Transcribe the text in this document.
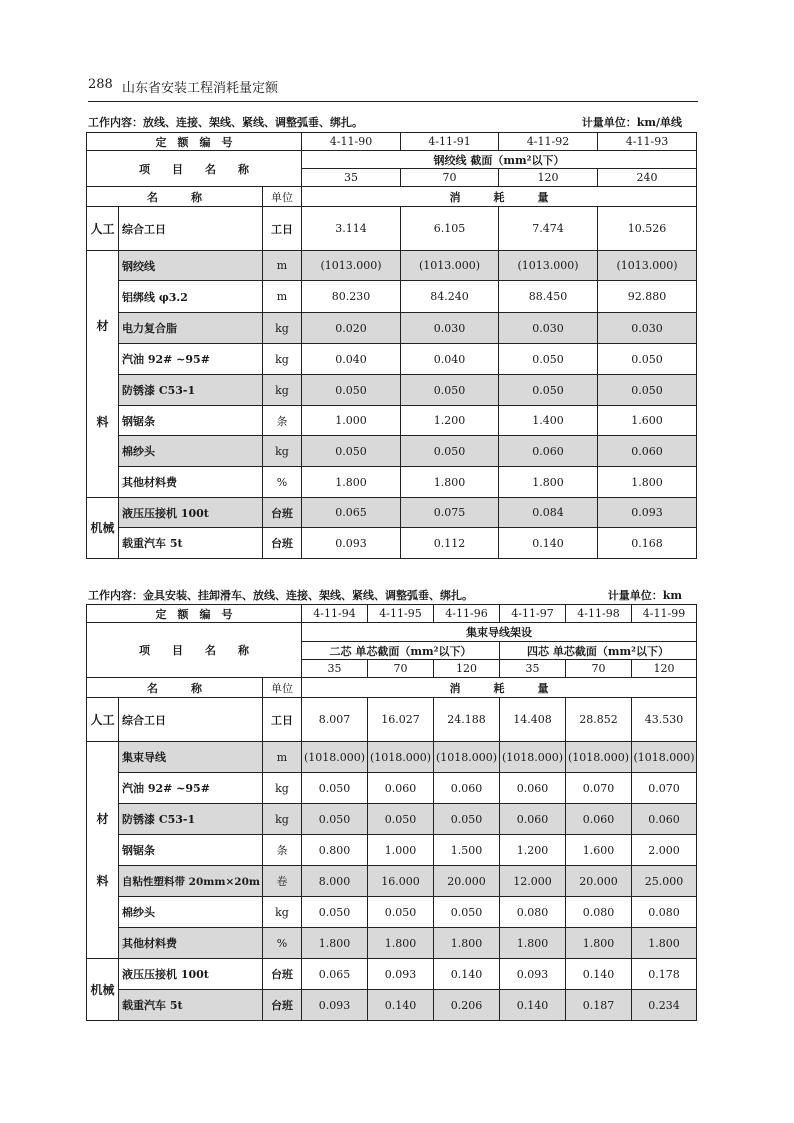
288 山东省安装工程消耗量定额
工作内容：放线、连接、架线、紧线、调整弧垂、绑扎。	计量单位：km/单线
定　额　编　号			4-11-90	4-11-91	4-11-92	4-11-93
项　　目　　名　　称			钢绞线 截面（mm²以下）			
			35	70	120	240
名　　　称		单位	消　　　耗　　　量			
人工	综合工日	工日	3.114	6.105	7.474	10.526

材
料	钢绞线	m	(1013.000)	(1013.000)	(1013.000)	(1013.000)
	铝绑线 φ3.2	m	80.230	84.240	88.450	92.880
	电力复合脂	kg	0.020	0.030	0.030	0.030
	汽油 92# ~95#	kg	0.040	0.040	0.050	0.050
	防锈漆 C53-1	kg	0.050	0.050	0.050	0.050
	钢锯条	条	1.000	1.200	1.400	1.600
	棉纱头	kg	0.050	0.050	0.060	0.060
	其他材料费	%	1.800	1.800	1.800	1.800
机械	液压压接机 100t	台班	0.065	0.075	0.084	0.093
	载重汽车 5t	台班	0.093	0.112	0.140	0.168
工作内容：金具安装、挂卸滑车、放线、连接、架线、紧线、调整弧垂、绑扎。	计量单位：km
定　额　编　号			4-11-94	4-11-95	4-11-96	4-11-97	4-11-98	4-11-99
项　　目　　名　　称			集束导线架设					
			二芯 单芯截面（mm²以下）			四芯 单芯截面（mm²以下）		
			35	70	120	35	70	120
名　　　称		单位	消　　　耗　　　量					
人工	综合工日	工日	8.007	16.027	24.188	14.408	28.852	43.530

材
料	集束导线	m	(1018.000)	(1018.000)	(1018.000)	(1018.000)	(1018.000)	(1018.000)
	汽油 92# ~95#	kg	0.050	0.060	0.060	0.060	0.070	0.070
	防锈漆 C53-1	kg	0.050	0.050	0.050	0.060	0.060	0.060
	钢锯条	条	0.800	1.000	1.500	1.200	1.600	2.000
	自粘性塑料带 20mm×20m	卷	8.000	16.000	20.000	12.000	20.000	25.000
	棉纱头	kg	0.050	0.050	0.050	0.080	0.080	0.080
	其他材料费	%	1.800	1.800	1.800	1.800	1.800	1.800
机械	液压压接机 100t	台班	0.065	0.093	0.140	0.093	0.140	0.178
	载重汽车 5t	台班	0.093	0.140	0.206	0.140	0.187	0.234
